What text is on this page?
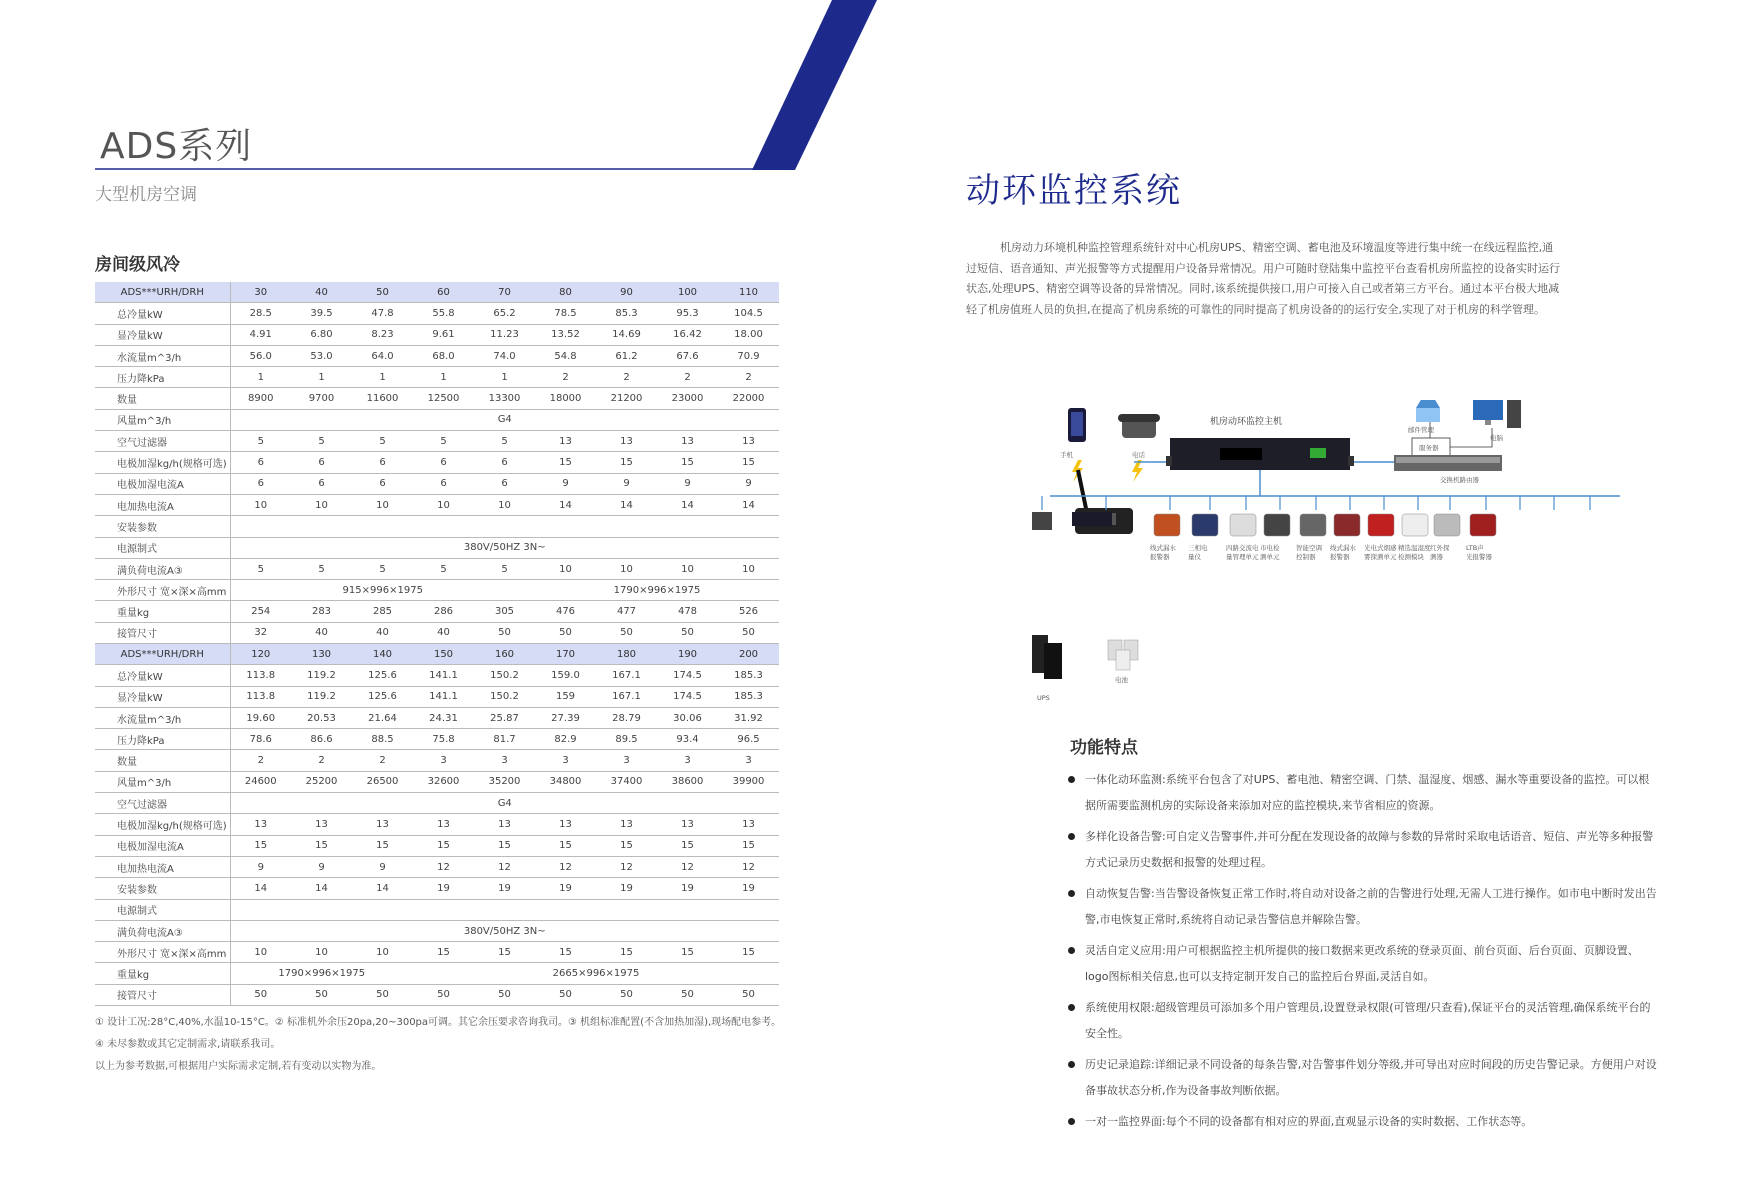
ADS系列
大型机房空调
房间级风冷
ADS***URH/DRH	30	40	50	60	70	80	90	100	110
总冷量kW	28.5	39.5	47.8	55.8	65.2	78.5	85.3	95.3	104.5
显冷量kW	4.91	6.80	8.23	9.61	11.23	13.52	14.69	16.42	18.00
水流量m^3/h	56.0	53.0	64.0	68.0	74.0	54.8	61.2	67.6	70.9
压力降kPa	1	1	1	1	1	2	2	2	2
数量	8900	9700	11600	12500	13300	18000	21200	23000	22000
风量m^3/h	G4								
空气过滤器	5	5	5	5	5	13	13	13	13
电极加湿kg/h(规格可选)	6	6	6	6	6	15	15	15	15
电极加湿电流A	6	6	6	6	6	9	9	9	9
电加热电流A	10	10	10	10	10	14	14	14	14
安装参数									
电源制式	380V/50HZ 3N~								
满负荷电流A③	5	5	5	5	5	10	10	10	10
外形尺寸 宽×深×高mm	915×996×1975					1790×996×1975			
重量kg	254	283	285	286	305	476	477	478	526
接管尺寸	32	40	40	40	50	50	50	50	50
ADS***URH/DRH	120	130	140	150	160	170	180	190	200
总冷量kW	113.8	119.2	125.6	141.1	150.2	159.0	167.1	174.5	185.3
显冷量kW	113.8	119.2	125.6	141.1	150.2	159	167.1	174.5	185.3
水流量m^3/h	19.60	20.53	21.64	24.31	25.87	27.39	28.79	30.06	31.92
压力降kPa	78.6	86.6	88.5	75.8	81.7	82.9	89.5	93.4	96.5
数量	2	2	2	3	3	3	3	3	3
风量m^3/h	24600	25200	26500	32600	35200	34800	37400	38600	39900
空气过滤器	G4								
电极加湿kg/h(规格可选)	13	13	13	13	13	13	13	13	13
电极加湿电流A	15	15	15	15	15	15	15	15	15
电加热电流A	9	9	9	12	12	12	12	12	12
安装参数	14	14	14	19	19	19	19	19	19
电源制式									
满负荷电流A③	380V/50HZ 3N~								
外形尺寸 宽×深×高mm	10	10	10	15	15	15	15	15	15
重量kg	1790×996×1975			2665×996×1975					
接管尺寸	50	50	50	50	50	50	50	50	50
① 设计工况:28°C,40%,水温10-15°C。② 标准机外余压20pa,20~300pa可调。其它余压要求咨询我司。③ 机组标准配置(不含加热加湿),现场配电参考。
④ 未尽参数或其它定制需求,请联系我司。
以上为参考数据,可根据用户实际需求定制,若有变动以实物为准。
动环监控系统
机房动力环境机种监控管理系统针对中心机房UPS、精密空调、蓄电池及环境温度等进行集中统一在线远程监控,通过短信、语音通知、声光报警等方式提醒用户设备异常情况。用户可随时登陆集中监控平台查看机房所监控的设备实时运行状态,处理UPS、精密空调等设备的异常情况。同时,该系统提供接口,用户可接入自己或者第三方平台。通过本平台极大地减轻了机房值班人员的负担,在提高了机房系统的可靠性的同时提高了机房设备的的运行安全,实现了对于机房的科学管理。
手机	电话
机房动环监控主机
邮件管理
服务器
电脑
交换机路由器
线式漏水报警器
三相电量仪
四路交流电量管理单元
市电检测单元
智能空调控制器
线式漏水报警器
光电式烟感雾探测单元
精选温湿度检测模块
红外探测器
LTB声光报警器
UPS
电池
功能特点
一体化动环监测:系统平台包含了对UPS、蓄电池、精密空调、门禁、温湿度、烟感、漏水等重要设备的监控。可以根据所需要监测机房的实际设备来添加对应的监控模块,来节省相应的资源。
多样化设备告警:可自定义告警事件,并可分配在发现设备的故障与参数的异常时采取电话语音、短信、声光等多种报警方式记录历史数据和报警的处理过程。
自动恢复告警:当告警设备恢复正常工作时,将自动对设备之前的告警进行处理,无需人工进行操作。如市电中断时发出告警,市电恢复正常时,系统将自动记录告警信息并解除告警。
灵活自定义应用:用户可根据监控主机所提供的接口数据来更改系统的登录页面、前台页面、后台页面、页脚设置、logo图标相关信息,也可以支持定制开发自己的监控后台界面,灵活自如。
系统使用权限:超级管理员可添加多个用户管理员,设置登录权限(可管理/只查看),保证平台的灵活管理,确保系统平台的安全性。
历史记录追踪:详细记录不同设备的每条告警,对告警事件划分等级,并可导出对应时间段的历史告警记录。方便用户对设备事故状态分析,作为设备事故判断依据。
一对一监控界面:每个不同的设备都有相对应的界面,直观显示设备的实时数据、工作状态等。
